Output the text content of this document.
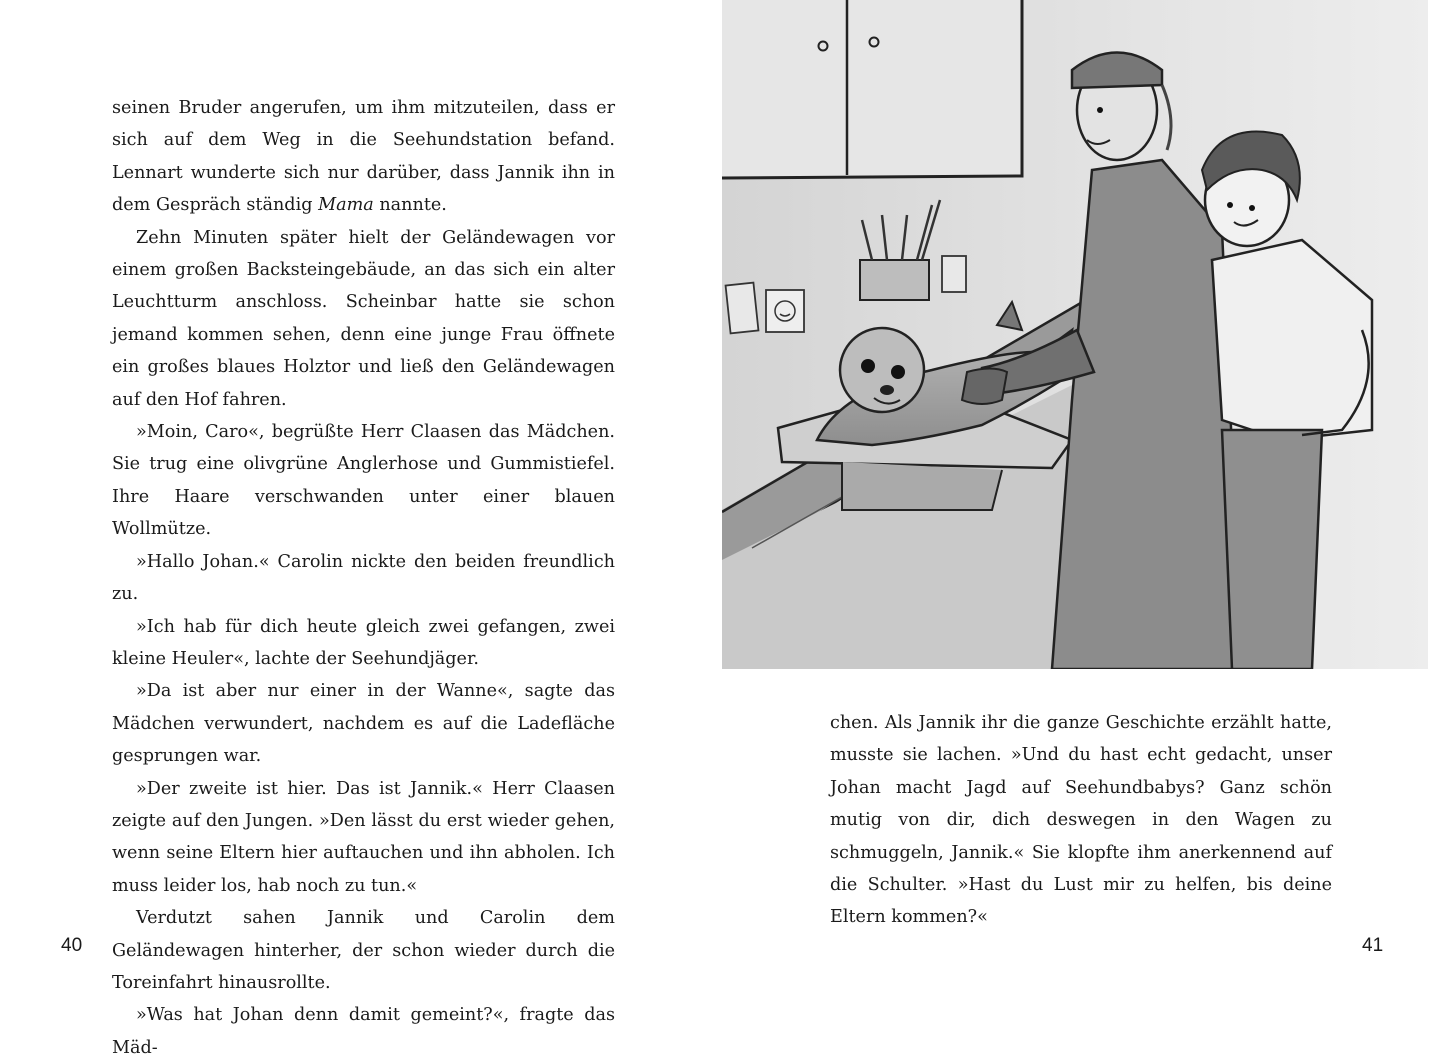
seinen Bruder angerufen, um ihm mitzuteilen, dass er sich auf dem Weg in die Seehundstation befand. Lennart wunderte sich nur darüber, dass Jannik ihn in dem Gespräch ständig Mama nannte.

Zehn Minuten später hielt der Geländewagen vor einem großen Backsteingebäude, an das sich ein alter Leuchtturm anschloss. Scheinbar hatte sie schon jemand kommen sehen, denn eine junge Frau öffnete ein großes blaues Holztor und ließ den Geländewagen auf den Hof fahren.

»Moin, Caro«, begrüßte Herr Claasen das Mädchen. Sie trug eine olivgrüne Anglerhose und Gummistiefel. Ihre Haare verschwanden unter einer blauen Wollmütze.

»Hallo Johan.« Carolin nickte den beiden freundlich zu.

»Ich hab für dich heute gleich zwei gefangen, zwei kleine Heuler«, lachte der Seehundjäger.

»Da ist aber nur einer in der Wanne«, sagte das Mädchen verwundert, nachdem es auf die Ladefläche gesprungen war.

»Der zweite ist hier. Das ist Jannik.« Herr Claasen zeigte auf den Jungen. »Den lässt du erst wieder gehen, wenn seine Eltern hier auftauchen und ihn abholen. Ich muss leider los, hab noch zu tun.«

Verdutzt sahen Jannik und Carolin dem Geländewagen hinterher, der schon wieder durch die Toreinfahrt hinausrollte.

»Was hat Johan denn damit gemeint?«, fragte das Mäd-

40

chen. Als Jannik ihr die ganze Geschichte erzählt hatte, musste sie lachen. »Und du hast echt gedacht, unser Johan macht Jagd auf Seehundbabys? Ganz schön mutig von dir, dich deswegen in den Wagen zu schmuggeln, Jannik.« Sie klopfte ihm anerkennend auf die Schulter. »Hast du Lust mir zu helfen, bis deine Eltern kommen?«

41
